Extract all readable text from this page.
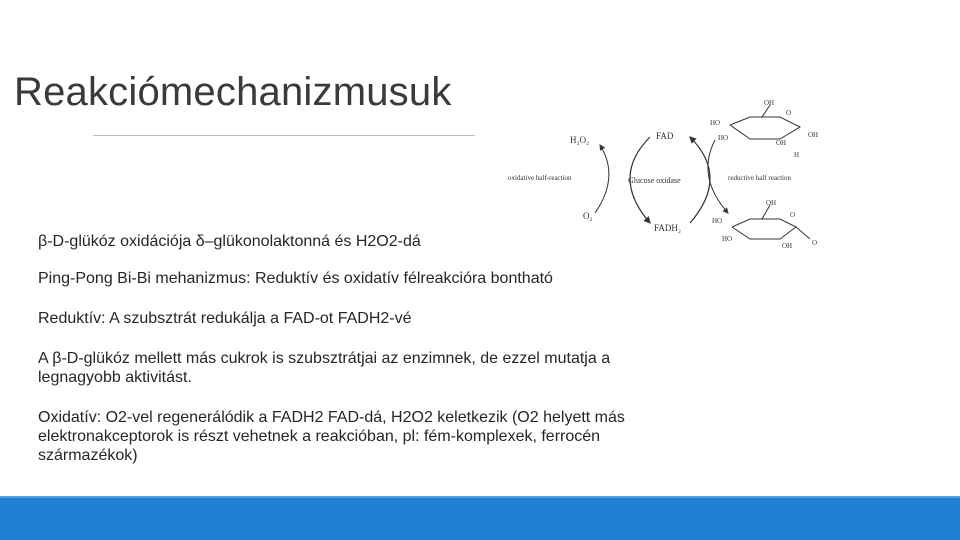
Reakciómechanizmusuk
β-D-glükóz oxidációja δ–glükonolaktonná és H2O2-dá
Ping-Pong Bi-Bi mehanizmus: Reduktív és oxidatív félreakcióra bontható
Reduktív: A szubsztrát redukálja a FAD-ot FADH2-vé
A β-D-glükóz mellett más cukrok is szubsztrátjai az enzimnek, de ezzel mutatja a legnagyobb aktivitást.
Oxidatív: O2-vel regenerálódik a FADH2 FAD-dá, H2O2 keletkezik (O2 helyett más elektronakceptorok is részt vehetnek a reakcióban, pl: fém-komplexek, ferrocén származékok)
H₂O₂
O₂
oxidative half-reaction
FAD
FADH₂
Glucose oxidase	reductive half reaction
OH
O
HO
HO
OH
OH
H
OH
O
HO
HO
OH	O
